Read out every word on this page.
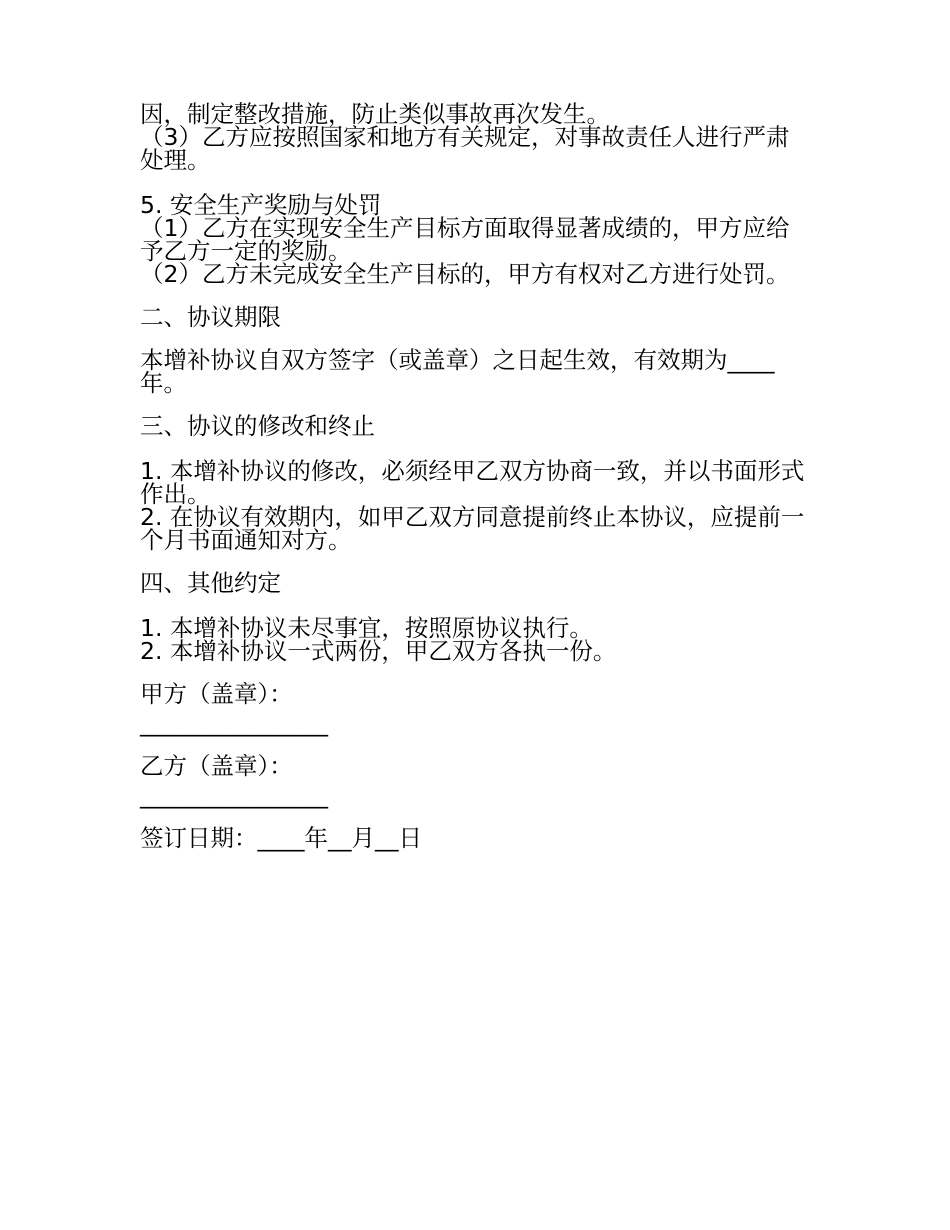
因，制定整改措施，防止类似事故再次发生。

（3）乙方应按照国家和地方有关规定，对事故责任人进行严肃处理。

5. 安全生产奖励与处罚

（1）乙方在实现安全生产目标方面取得显著成绩的，甲方应给予乙方一定的奖励。

（2）乙方未完成安全生产目标的，甲方有权对乙方进行处罚。

二、协议期限

本增补协议自双方签字（或盖章）之日起生效，有效期为____年。

三、协议的修改和终止

1. 本增补协议的修改，必须经甲乙双方协商一致，并以书面形式作出。

2. 在协议有效期内，如甲乙双方同意提前终止本协议，应提前一个月书面通知对方。

四、其他约定

1. 本增补协议未尽事宜，按照原协议执行。

2. 本增补协议一式两份，甲乙双方各执一份。

甲方（盖章）：

________________

乙方（盖章）：

________________

签订日期：____年__月__日
